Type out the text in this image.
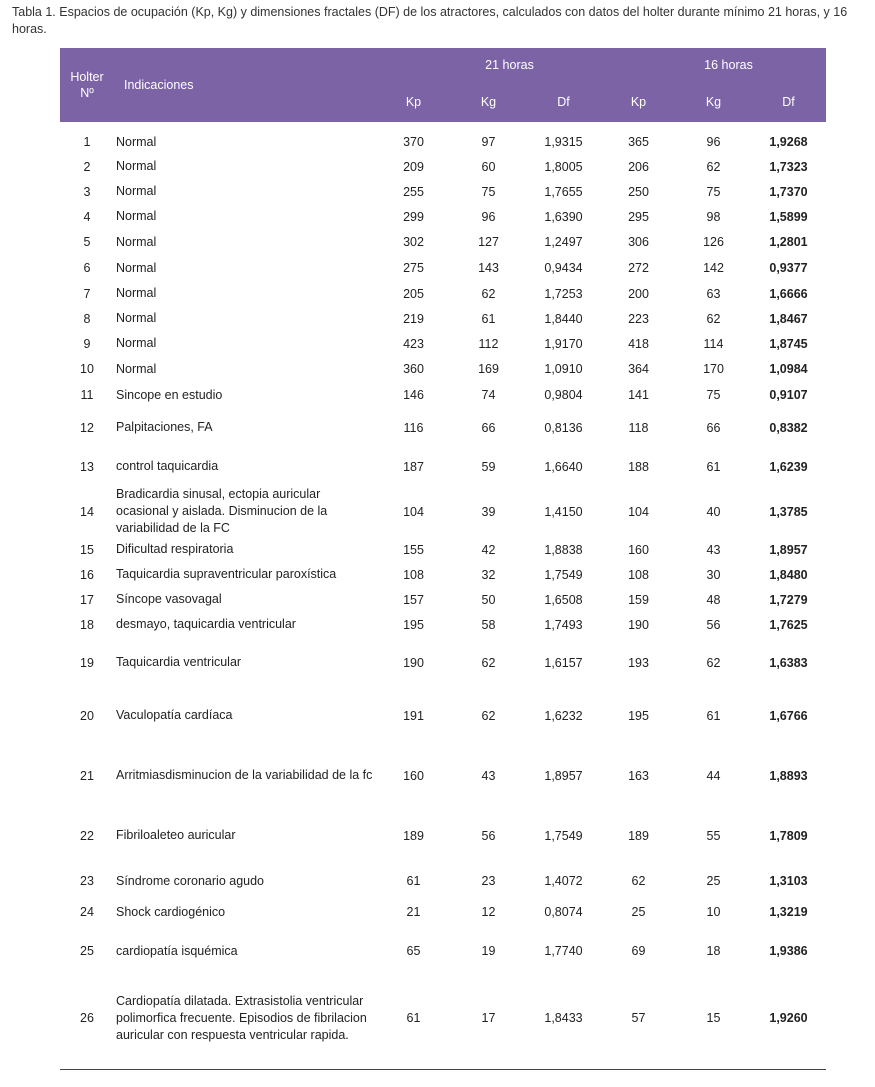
Tabla 1. Espacios de ocupación (Kp, Kg) y dimensiones fractales (DF) de los atractores, calculados con datos del holter durante mínimo 21 horas, y 16 horas.
Holter
Nº	Indicaciones	21 horas			16 horas		
		Kp	Kg	Df	Kp	Kg	Df

1	Normal	370	97	1,9315	365	96	1,9268
2	Normal	209	60	1,8005	206	62	1,7323
3	Normal	255	75	1,7655	250	75	1,7370
4	Normal	299	96	1,6390	295	98	1,5899
5	Normal	302	127	1,2497	306	126	1,2801
6	Normal	275	143	0,9434	272	142	0,9377
7	Normal	205	62	1,7253	200	63	1,6666
8	Normal	219	61	1,8440	223	62	1,8467
9	Normal	423	112	1,9170	418	114	1,8745
10	Normal	360	169	1,0910	364	170	1,0984
11	Sincope en estudio	146	74	0,9804	141	75	0,9107
12	Palpitaciones, FA	116	66	0,8136	118	66	0,8382
13	control taquicardia	187	59	1,6640	188	61	1,6239
14	Bradicardia sinusal, ectopia auricular ocasional y aislada. Disminucion de la variabilidad de la FC	104	39	1,4150	104	40	1,3785
15	Dificultad respiratoria	155	42	1,8838	160	43	1,8957
16	Taquicardia supraventricular paroxística	108	32	1,7549	108	30	1,8480
17	Síncope vasovagal	157	50	1,6508	159	48	1,7279
18	desmayo, taquicardia ventricular	195	58	1,7493	190	56	1,7625
19	Taquicardia ventricular	190	62	1,6157	193	62	1,6383
20	Vaculopatía cardíaca	191	62	1,6232	195	61	1,6766
21	Arritmiasdisminucion de la variabilidad de la fc	160	43	1,8957	163	44	1,8893
22	Fibriloaleteo auricular	189	56	1,7549	189	55	1,7809
23	Síndrome coronario agudo	61	23	1,4072	62	25	1,3103
24	Shock cardiogénico	21	12	0,8074	25	10	1,3219
25	cardiopatía isquémica	65	19	1,7740	69	18	1,9386
26	Cardiopatía dilatada. Extrasistolia ventricular polimorfica frecuente. Episodios de fibrilacion auricular con respuesta ventricular rapida.	61	17	1,8433	57	15	1,9260
